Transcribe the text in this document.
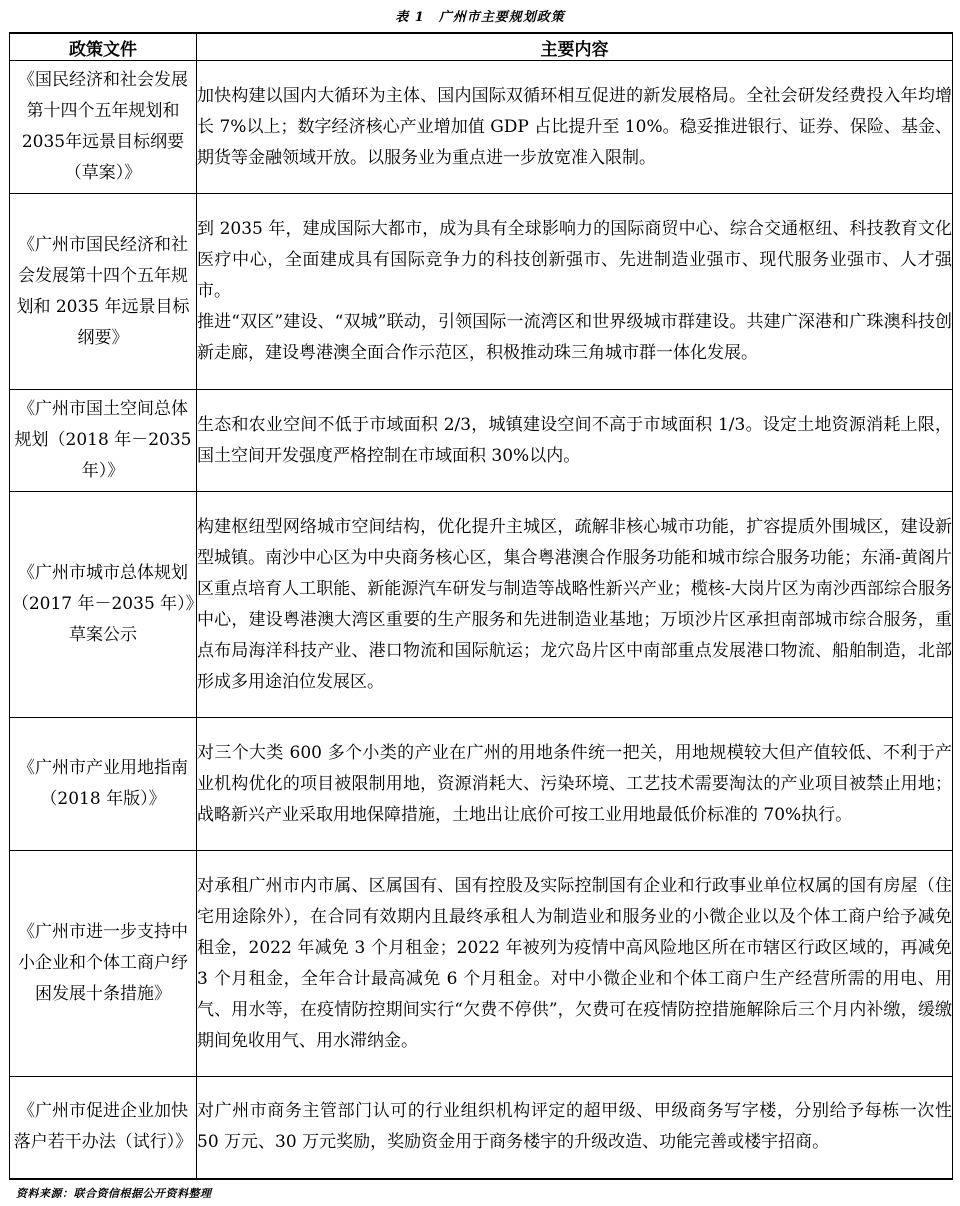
表 1　广州市主要规划政策
政策文件	主要内容
《国民经济和社会发展第十四个五年规划和2035年远景目标纲要（草案）》	加快构建以国内大循环为主体、国内国际双循环相互促进的新发展格局。全社会研发经费投入年均增长 7%以上；数字经济核心产业增加值 GDP 占比提升至 10%。稳妥推进银行、证券、保险、基金、期货等金融领域开放。以服务业为重点进一步放宽准入限制。

《广州市国民经济和社会发展第十四个五年规划和 2035 年远景目标纲要》	到 2035 年，建成国际大都市，成为具有全球影响力的国际商贸中心、综合交通枢纽、科技教育文化医疗中心，全面建成具有国际竞争力的科技创新强市、先进制造业强市、现代服务业强市、人才强市。

推进“双区”建设、“双城”联动，引领国际一流湾区和世界级城市群建设。共建广深港和广珠澳科技创新走廊，建设粤港澳全面合作示范区，积极推动珠三角城市群一体化发展。

《广州市国土空间总体规划（2018 年－2035 年）》	生态和农业空间不低于市域面积 2/3，城镇建设空间不高于市域面积 1/3。设定土地资源消耗上限，国土空间开发强度严格控制在市域面积 30%以内。

《广州市城市总体规划（2017 年－2035 年）》草案公示	构建枢纽型网络城市空间结构，优化提升主城区，疏解非核心城市功能，扩容提质外围城区，建设新型城镇。南沙中心区为中央商务核心区，集合粤港澳合作服务功能和城市综合服务功能；东涌-黄阁片区重点培育人工职能、新能源汽车研发与制造等战略性新兴产业；榄核-大岗片区为南沙西部综合服务中心，建设粤港澳大湾区重要的生产服务和先进制造业基地；万顷沙片区承担南部城市综合服务，重点布局海洋科技产业、港口物流和国际航运；龙穴岛片区中南部重点发展港口物流、船舶制造，北部形成多用途泊位发展区。

《广州市产业用地指南（2018 年版）》	对三个大类 600 多个小类的产业在广州的用地条件统一把关，用地规模较大但产值较低、不利于产业机构优化的项目被限制用地，资源消耗大、污染环境、工艺技术需要淘汰的产业项目被禁止用地；战略新兴产业采取用地保障措施，土地出让底价可按工业用地最低价标准的 70%执行。

《广州市进一步支持中小企业和个体工商户纾困发展十条措施》	对承租广州市内市属、区属国有、国有控股及实际控制国有企业和行政事业单位权属的国有房屋（住宅用途除外），在合同有效期内且最终承租人为制造业和服务业的小微企业以及个体工商户给予减免租金，2022 年减免 3 个月租金；2022 年被列为疫情中高风险地区所在市辖区行政区域的，再减免 3 个月租金，全年合计最高减免 6 个月租金。对中小微企业和个体工商户生产经营所需的用电、用气、用水等，在疫情防控期间实行“欠费不停供”，欠费可在疫情防控措施解除后三个月内补缴，缓缴期间免收用气、用水滞纳金。

《广州市促进企业加快落户若干办法（试行）》	对广州市商务主管部门认可的行业组织机构评定的超甲级、甲级商务写字楼，分别给予每栋一次性 50 万元、30 万元奖励，奖励资金用于商务楼宇的升级改造、功能完善或楼宇招商。

资料来源：联合资信根据公开资料整理
